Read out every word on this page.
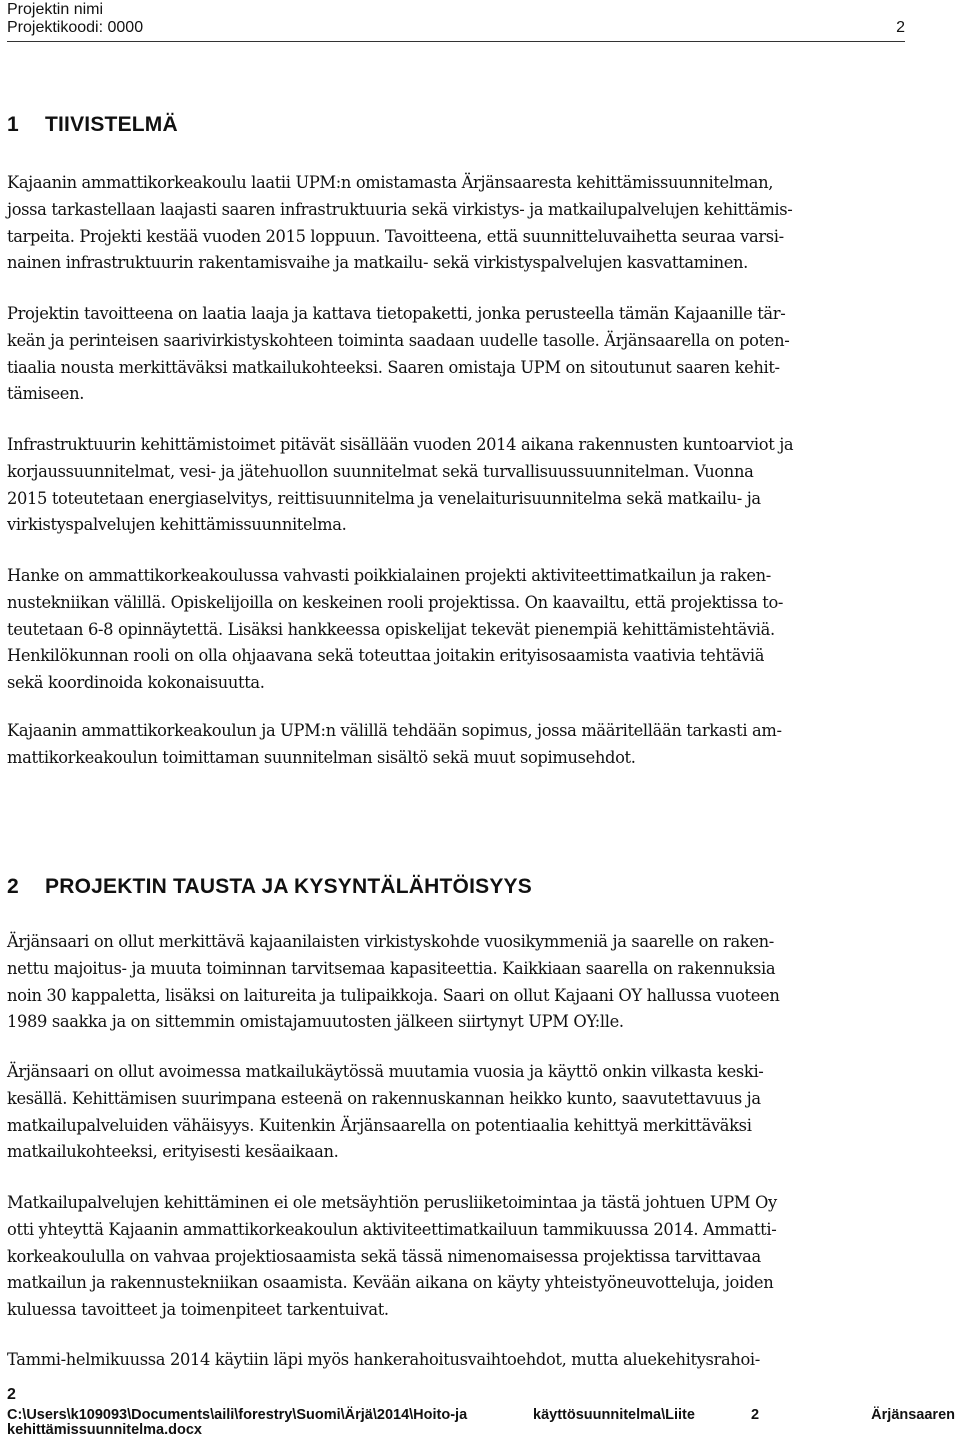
Projektin nimi
Projektikoodi: 0000	2
1 TIIVISTELMÄ
Kajaanin ammattikorkeakoulu laatii UPM:n omistamasta Ärjänsaaresta kehittämissuunnitelman,
jossa tarkastellaan laajasti saaren infrastruktuuria sekä virkistys- ja matkailupalvelujen kehittämis-
tarpeita. Projekti kestää vuoden 2015 loppuun. Tavoitteena, että suunnitteluvaihetta seuraa varsi-
nainen infrastruktuurin rakentamisvaihe ja matkailu- sekä virkistyspalvelujen kasvattaminen.
Projektin tavoitteena on laatia laaja ja kattava tietopaketti, jonka perusteella tämän Kajaanille tär-
keän ja perinteisen saarivirkistyskohteen toiminta saadaan uudelle tasolle. Ärjänsaarella on poten-
tiaalia nousta merkittäväksi matkailukohteeksi. Saaren omistaja UPM on sitoutunut saaren kehit-
tämiseen.
Infrastruktuurin kehittämistoimet pitävät sisällään vuoden 2014 aikana rakennusten kuntoarviot ja
korjaussuunnitelmat, vesi- ja jätehuollon suunnitelmat sekä turvallisuussuunnitelman. Vuonna
2015 toteutetaan energiaselvitys, reittisuunnitelma ja venelaiturisuunnitelma sekä matkailu- ja
virkistyspalvelujen kehittämissuunnitelma.
Hanke on ammattikorkeakoulussa vahvasti poikkialainen projekti aktiviteettimatkailun ja raken-
nustekniikan välillä. Opiskelijoilla on keskeinen rooli projektissa. On kaavailtu, että projektissa to-
teutetaan 6-8 opinnäytettä. Lisäksi hankkeessa opiskelijat tekevät pienempiä kehittämistehtäviä.
Henkilökunnan rooli on olla ohjaavana sekä toteuttaa joitakin erityisosaamista vaativia tehtäviä
sekä koordinoida kokonaisuutta.
Kajaanin ammattikorkeakoulun ja UPM:n välillä tehdään sopimus, jossa määritellään tarkasti am-
mattikorkeakoulun toimittaman suunnitelman sisältö sekä muut sopimusehdot.
2 PROJEKTIN TAUSTA JA KYSYNTÄLÄHTÖISYYS
Ärjänsaari on ollut merkittävä kajaanilaisten virkistyskohde vuosikymmeniä ja saarelle on raken-
nettu majoitus- ja muuta toiminnan tarvitsemaa kapasiteettia. Kaikkiaan saarella on rakennuksia
noin 30 kappaletta, lisäksi on laitureita ja tulipaikkoja. Saari on ollut Kajaani OY hallussa vuoteen
1989 saakka ja on sittemmin omistajamuutosten jälkeen siirtynyt UPM OY:lle.
Ärjänsaari on ollut avoimessa matkailukäytössä muutamia vuosia ja käyttö onkin vilkasta keski-
kesällä. Kehittämisen suurimpana esteenä on rakennuskannan heikko kunto, saavutettavuus ja
matkailupalveluiden vähäisyys. Kuitenkin Ärjänsaarella on potentiaalia kehittyä merkittäväksi
matkailukohteeksi, erityisesti kesäaikaan.
Matkailupalvelujen kehittäminen ei ole metsäyhtiön perusliiketoimintaa ja tästä johtuen UPM Oy
otti yhteyttä Kajaanin ammattikorkeakoulun aktiviteettimatkailuun tammikuussa 2014. Ammatti-
korkeakoululla on vahvaa projektiosaamista sekä tässä nimenomaisessa projektissa tarvittavaa
matkailun ja rakennustekniikan osaamista. Kevään aikana on käyty yhteistyöneuvotteluja, joiden
kuluessa tavoitteet ja toimenpiteet tarkentuivat.
Tammi-helmikuussa 2014 käytiin läpi myös hankerahoitusvaihtoehdot, mutta aluekehitysrahoi-
2
C:\Users\k109093\Documents\aili\forestry\Suomi\Ärjä\2014\Hoito-ja	käyttösuunnitelma\Liite	2	Ärjänsaaren
kehittämissuunnitelma.docx
